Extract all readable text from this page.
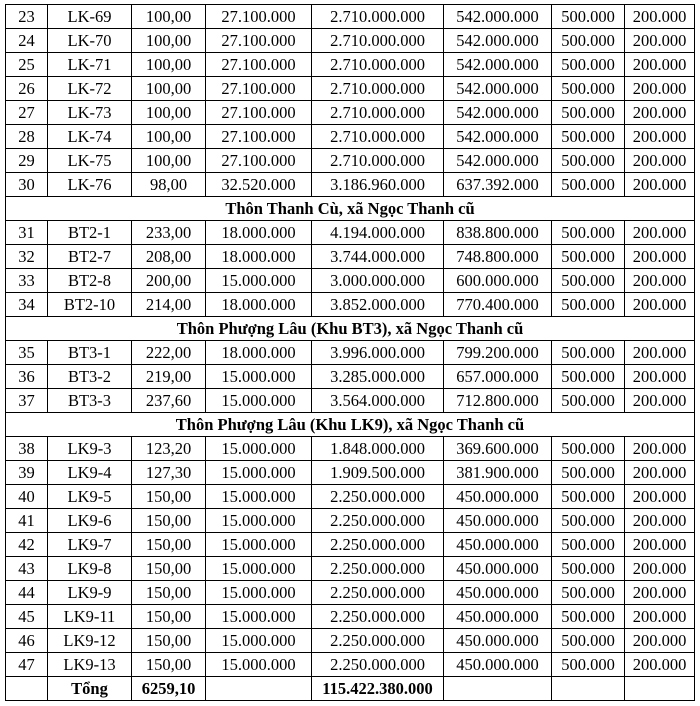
23	LK-69	100,00	27.100.000	2.710.000.000	542.000.000	500.000	200.000
24	LK-70	100,00	27.100.000	2.710.000.000	542.000.000	500.000	200.000
25	LK-71	100,00	27.100.000	2.710.000.000	542.000.000	500.000	200.000
26	LK-72	100,00	27.100.000	2.710.000.000	542.000.000	500.000	200.000
27	LK-73	100,00	27.100.000	2.710.000.000	542.000.000	500.000	200.000
28	LK-74	100,00	27.100.000	2.710.000.000	542.000.000	500.000	200.000
29	LK-75	100,00	27.100.000	2.710.000.000	542.000.000	500.000	200.000
30	LK-76	98,00	32.520.000	3.186.960.000	637.392.000	500.000	200.000
Thôn Thanh Cù, xã Ngọc Thanh cũ							
31	BT2-1	233,00	18.000.000	4.194.000.000	838.800.000	500.000	200.000
32	BT2-7	208,00	18.000.000	3.744.000.000	748.800.000	500.000	200.000
33	BT2-8	200,00	15.000.000	3.000.000.000	600.000.000	500.000	200.000
34	BT2-10	214,00	18.000.000	3.852.000.000	770.400.000	500.000	200.000
Thôn Phượng Lâu (Khu BT3), xã Ngọc Thanh cũ							
35	BT3-1	222,00	18.000.000	3.996.000.000	799.200.000	500.000	200.000
36	BT3-2	219,00	15.000.000	3.285.000.000	657.000.000	500.000	200.000
37	BT3-3	237,60	15.000.000	3.564.000.000	712.800.000	500.000	200.000
Thôn Phượng Lâu (Khu LK9), xã Ngọc Thanh cũ							
38	LK9-3	123,20	15.000.000	1.848.000.000	369.600.000	500.000	200.000
39	LK9-4	127,30	15.000.000	1.909.500.000	381.900.000	500.000	200.000
40	LK9-5	150,00	15.000.000	2.250.000.000	450.000.000	500.000	200.000
41	LK9-6	150,00	15.000.000	2.250.000.000	450.000.000	500.000	200.000
42	LK9-7	150,00	15.000.000	2.250.000.000	450.000.000	500.000	200.000
43	LK9-8	150,00	15.000.000	2.250.000.000	450.000.000	500.000	200.000
44	LK9-9	150,00	15.000.000	2.250.000.000	450.000.000	500.000	200.000
45	LK9-11	150,00	15.000.000	2.250.000.000	450.000.000	500.000	200.000
46	LK9-12	150,00	15.000.000	2.250.000.000	450.000.000	500.000	200.000
47	LK9-13	150,00	15.000.000	2.250.000.000	450.000.000	500.000	200.000
	Tổng	6259,10		115.422.380.000			
